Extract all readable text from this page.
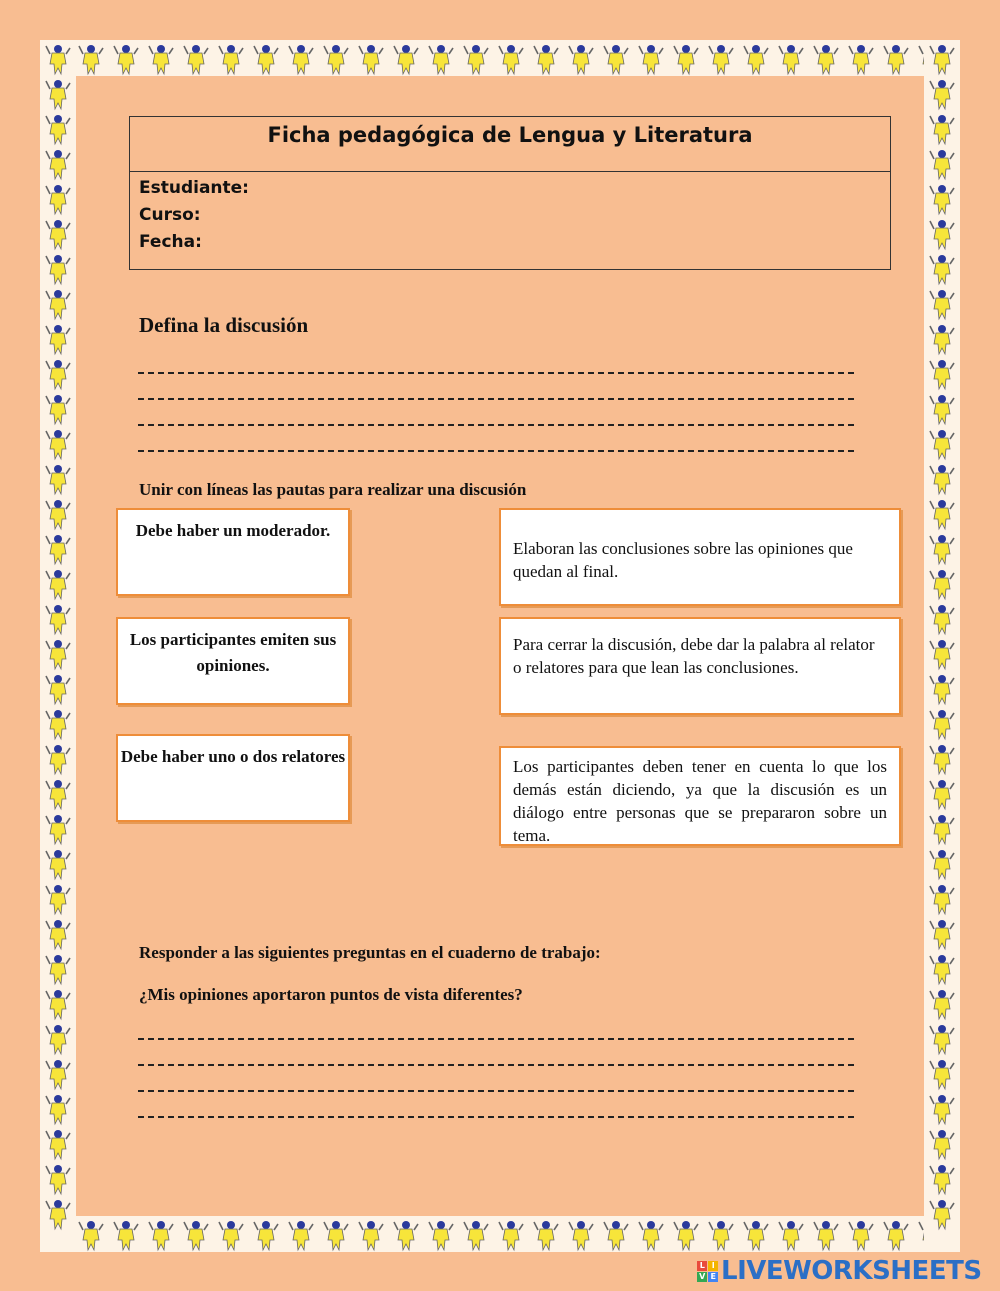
Ficha pedagógica de Lengua y Literatura
Estudiante:
Curso:
Fecha:
Defina la discusión
Unir con líneas las pautas para realizar una discusión
Debe haber un moderador.
Los participantes emiten sus opiniones.
Debe haber uno o dos relatores
Elaboran las conclusiones sobre las opiniones que quedan al final.
Para cerrar la discusión, debe dar la palabra al relator o relatores para que lean las conclusiones.
Los participantes deben tener en cuenta lo que los demás están diciendo, ya que la discusión es un diálogo entre personas que se prepararon sobre un tema.
Responder a las siguientes preguntas en el cuaderno de trabajo:
¿Mis opiniones aportaron puntos de vista diferentes?
L I
V E LIVEWORKSHEETS
